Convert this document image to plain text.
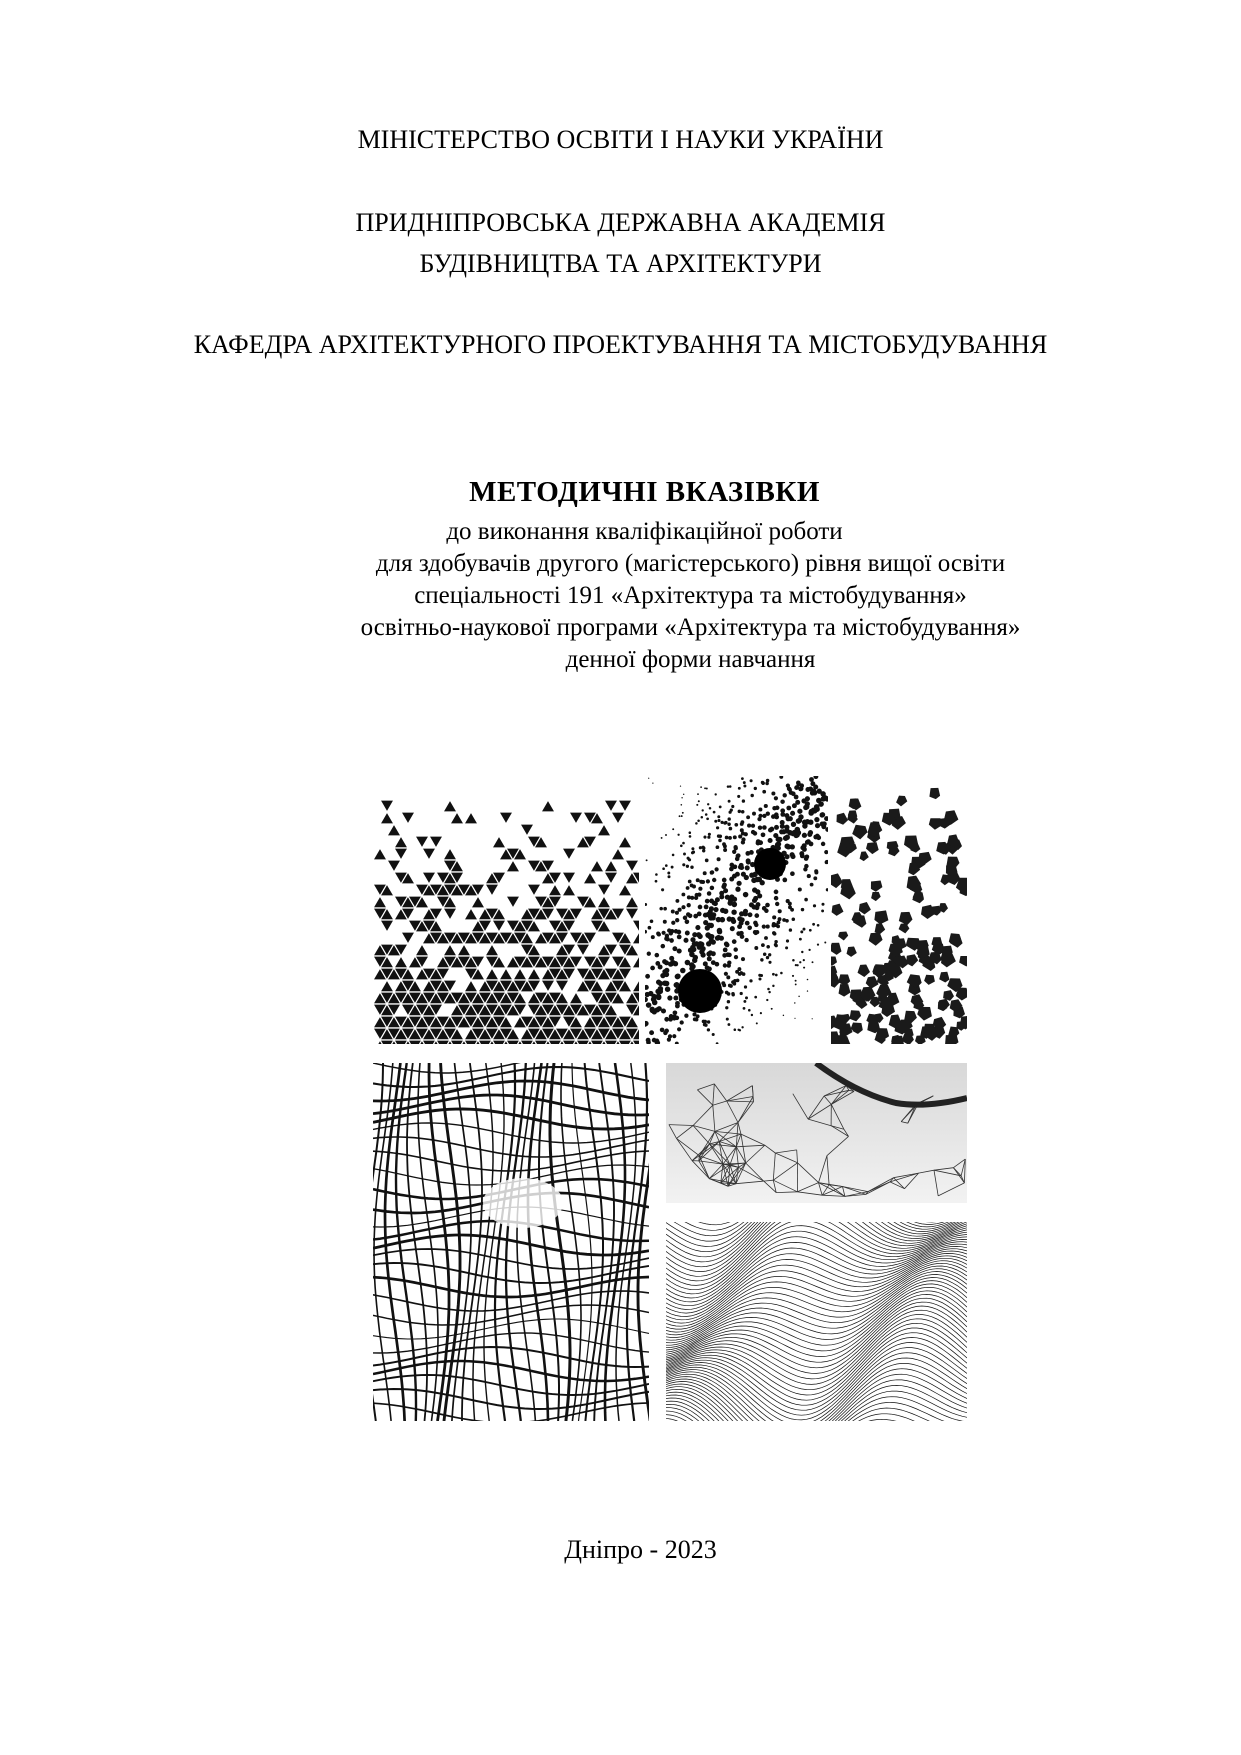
МІНІСТЕРСТВО ОСВІТИ І НАУКИ УКРАЇНИ
ПРИДНІПРОВСЬКА ДЕРЖАВНА АКАДЕМІЯ
БУДІВНИЦТВА ТА АРХІТЕКТУРИ
КАФЕДРА АРХІТЕКТУРНОГО ПРОЕКТУВАННЯ ТА МІСТОБУДУВАННЯ
МЕТОДИЧНІ ВКАЗІВКИ
до виконання кваліфікаційної роботи
для здобувачів другого (магістерського) рівня вищої освіти
спеціальності 191 «Архітектура та містобудування»
освітньо-наукової програми «Архітектура та містобудування»
денної форми навчання
Дніпро - 2023
